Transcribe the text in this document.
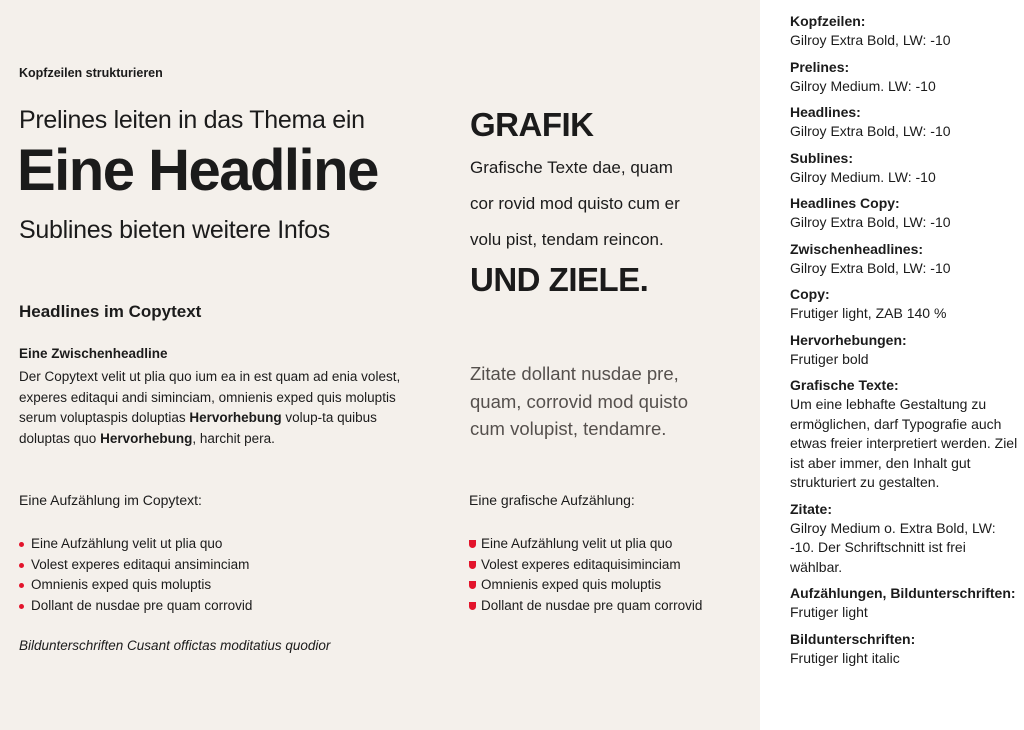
Kopfzeilen strukturieren

Prelines leiten in das Thema ein

Eine Headline

Sublines bieten weitere Infos

Headlines im Copytext
Eine Zwischenheadline

Der Copytext velit ut plia quo ium ea in est quam ad enia volest, experes editaqui andi siminciam, omnienis exped quis moluptis serum voluptaspis doluptias Hervorhebung volup-ta quibus doluptas quo Hervorhebung, harchit pera.

Eine Aufzählung im Copytext:

Eine Aufzählung velit ut plia quo
Volest experes editaqui ansiminciam
Omnienis exped quis moluptis
Dollant de nusdae pre quam corrovid

Bildunterschriften Cusant offictas moditatius quodior

GRAFIK

Grafische Texte dae, quam
cor rovid mod quisto cum er
volu pist, tendam reincon.

UND ZIELE.

Zitate dollant nusdae pre,
quam, corrovid mod quisto
cum volupist, tendamre.

Eine grafische Aufzählung:

Eine Aufzählung velit ut plia quo
Volest experes editaquisiminciam
Omnienis exped quis moluptis
Dollant de nusdae pre quam corrovid
Kopfzeilen:
Gilroy Extra Bold, LW: -10
Prelines:
Gilroy Medium. LW: -10
Headlines:
Gilroy Extra Bold, LW: -10
Sublines:
Gilroy Medium. LW: -10
Headlines Copy:
Gilroy Extra Bold, LW: -10
Zwischenheadlines:
Gilroy Extra Bold, LW: -10
Copy:
Frutiger light, ZAB 140 %
Hervorhebungen:
Frutiger bold
Grafische Texte:
Um eine lebhafte Gestaltung zu ermöglichen, darf Typografie auch etwas freier interpretiert werden. Ziel ist aber immer, den Inhalt gut strukturiert zu gestalten.
Zitate:
Gilroy Medium o. Extra Bold, LW: -10. Der Schriftschnitt ist frei wählbar.
Aufzählungen, Bildunterschriften:
Frutiger light
Bildunterschriften:
Frutiger light italic
